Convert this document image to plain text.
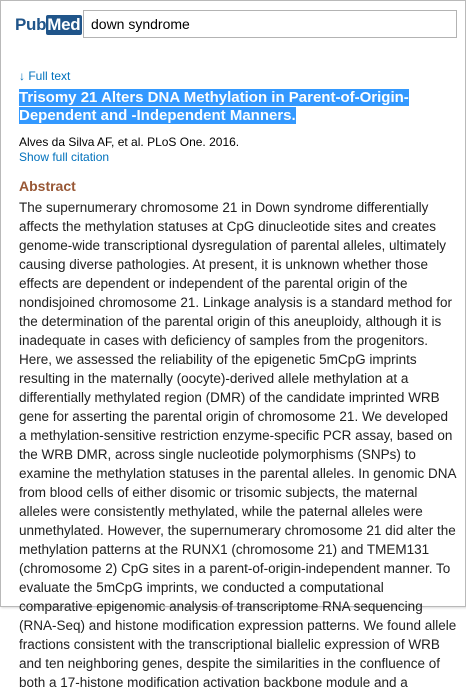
PubMed
down syndrome
↓ Full text
Trisomy 21 Alters DNA Methylation in Parent-of-Origin-Dependent and -Independent Manners.
Alves da Silva AF, et al. PLoS One. 2016.
Show full citation
Abstract

The supernumerary chromosome 21 in Down syndrome differentially affects the methylation statuses at CpG dinucleotide sites and creates genome-wide transcriptional dysregulation of parental alleles, ultimately causing diverse pathologies. At present, it is unknown whether those effects are dependent or independent of the parental origin of the nondisjoined chromosome 21. Linkage analysis is a standard method for the determination of the parental origin of this aneuploidy, although it is inadequate in cases with deficiency of samples from the progenitors. Here, we assessed the reliability of the epigenetic 5mCpG imprints resulting in the maternally (oocyte)-derived allele methylation at a differentially methylated region (DMR) of the candidate imprinted WRB gene for asserting the parental origin of chromosome 21. We developed a methylation-sensitive restriction enzyme-specific PCR assay, based on the WRB DMR, across single nucleotide polymorphisms (SNPs) to examine the methylation statuses in the parental alleles. In genomic DNA from blood cells of either disomic or trisomic subjects, the maternal alleles were consistently methylated, while the paternal alleles were unmethylated. However, the supernumerary chromosome 21 did alter the methylation patterns at the RUNX1 (chromosome 21) and TMEM131 (chromosome 2) CpG sites in a parent-of-origin-independent manner. To evaluate the 5mCpG imprints, we conducted a computational comparative epigenomic analysis of transcriptome RNA sequencing (RNA-Seq) and histone modification expression patterns. We found allele fractions consistent with the transcriptional biallelic expression of WRB and ten neighboring genes, despite the similarities in the confluence of both a 17-histone modification activation backbone module and a
